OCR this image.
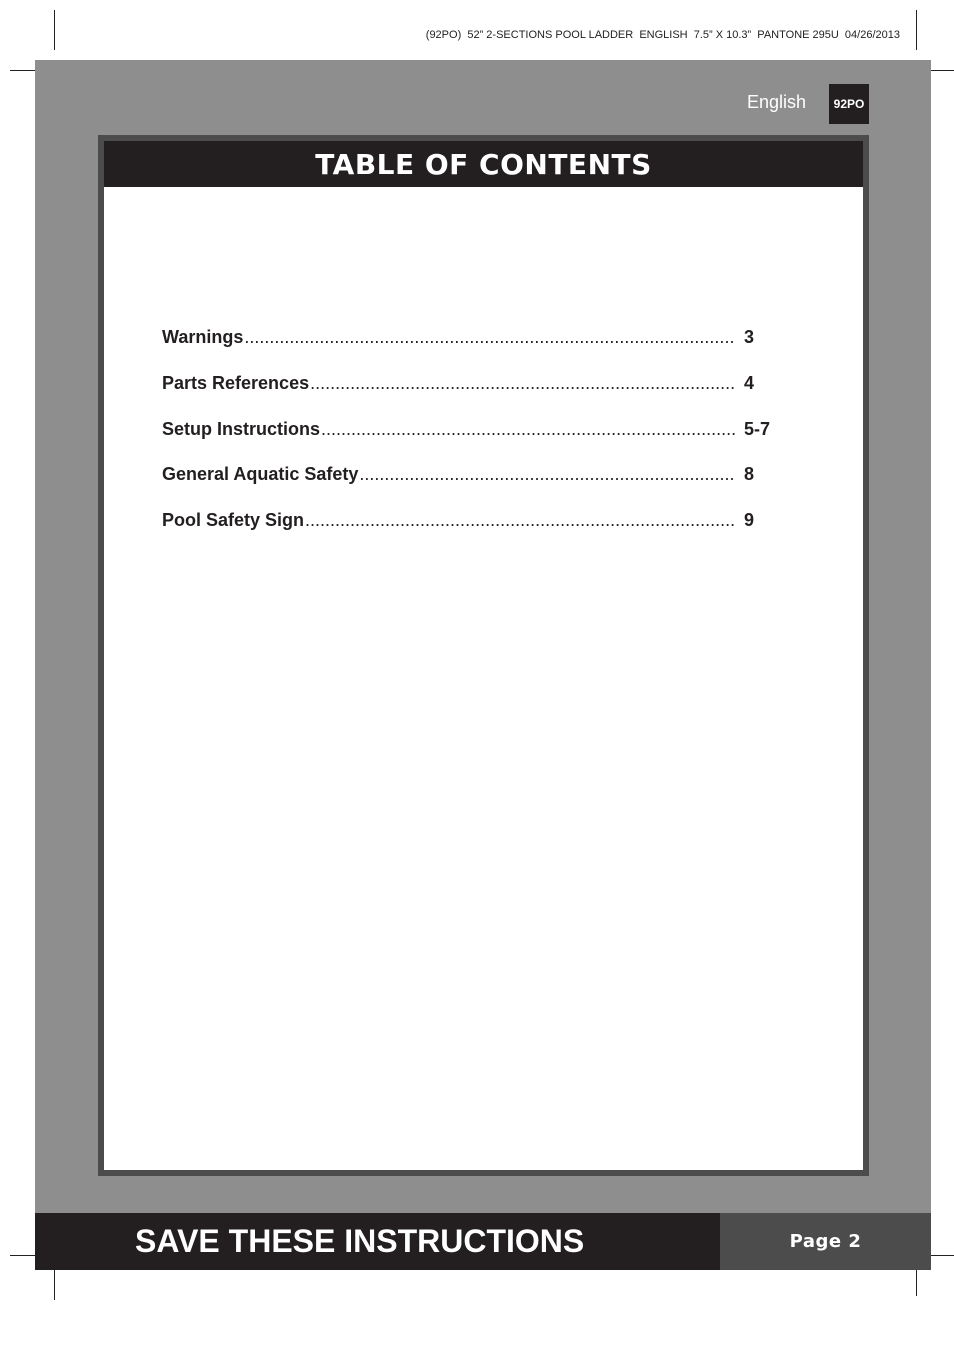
(92PO)  52” 2-SECTIONS POOL LADDER  ENGLISH  7.5” X 10.3”  PANTONE 295U  04/26/2013
English	92PO
TABLE OF CONTENTS
Warnings .....	3
Parts References .....	4
Setup Instructions .....	5-7
General Aquatic Safety .....	8
Pool Safety Sign .....	9
SAVE THESE INSTRUCTIONS	Page 2
